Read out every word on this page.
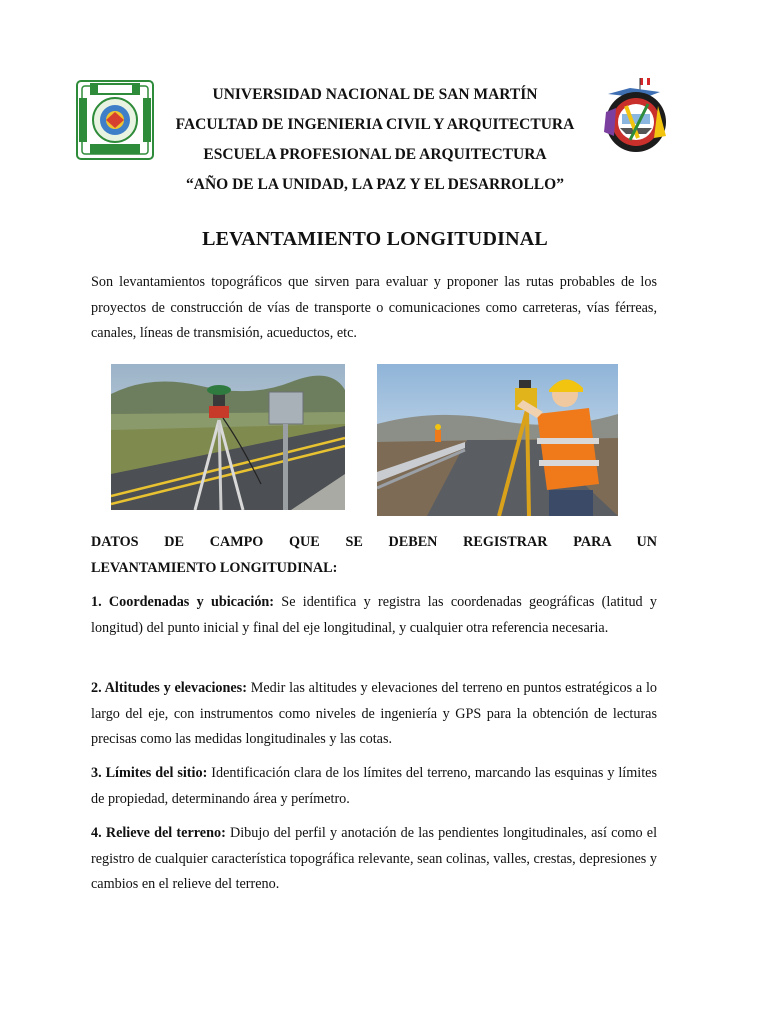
UNIVERSIDAD NACIONAL DE SAN MARTÍN
FACULTAD DE INGENIERIA CIVIL Y ARQUITECTURA
ESCUELA PROFESIONAL DE ARQUITECTURA
“AÑO DE LA UNIDAD, LA PAZ Y EL DESARROLLO”
LEVANTAMIENTO LONGITUDINAL

Son levantamientos topográficos que sirven para evaluar y proponer las rutas probables de los proyectos de construcción de vías de transporte o comunicaciones como carreteras, vías férreas, canales, líneas de transmisión, acueductos, etc.

DATOS DE CAMPO QUE SE DEBEN REGISTRAR PARA UN
LEVANTAMIENTO LONGITUDINAL:

1. Coordenadas y ubicación: Se identifica y registra las coordenadas geográficas (latitud y longitud) del punto inicial y final del eje longitudinal, y cualquier otra referencia necesaria.

2. Altitudes y elevaciones: Medir las altitudes y elevaciones del terreno en puntos estratégicos a lo largo del eje, con instrumentos como niveles de ingeniería y GPS para la obtención de lecturas precisas como las medidas longitudinales y las cotas.

3. Límites del sitio: Identificación clara de los límites del terreno, marcando las esquinas y límites de propiedad, determinando área y perímetro.

4. Relieve del terreno: Dibujo del perfil y anotación de las pendientes longitudinales, así como el registro de cualquier característica topográfica relevante, sean colinas, valles, crestas, depresiones y cambios en el relieve del terreno.
